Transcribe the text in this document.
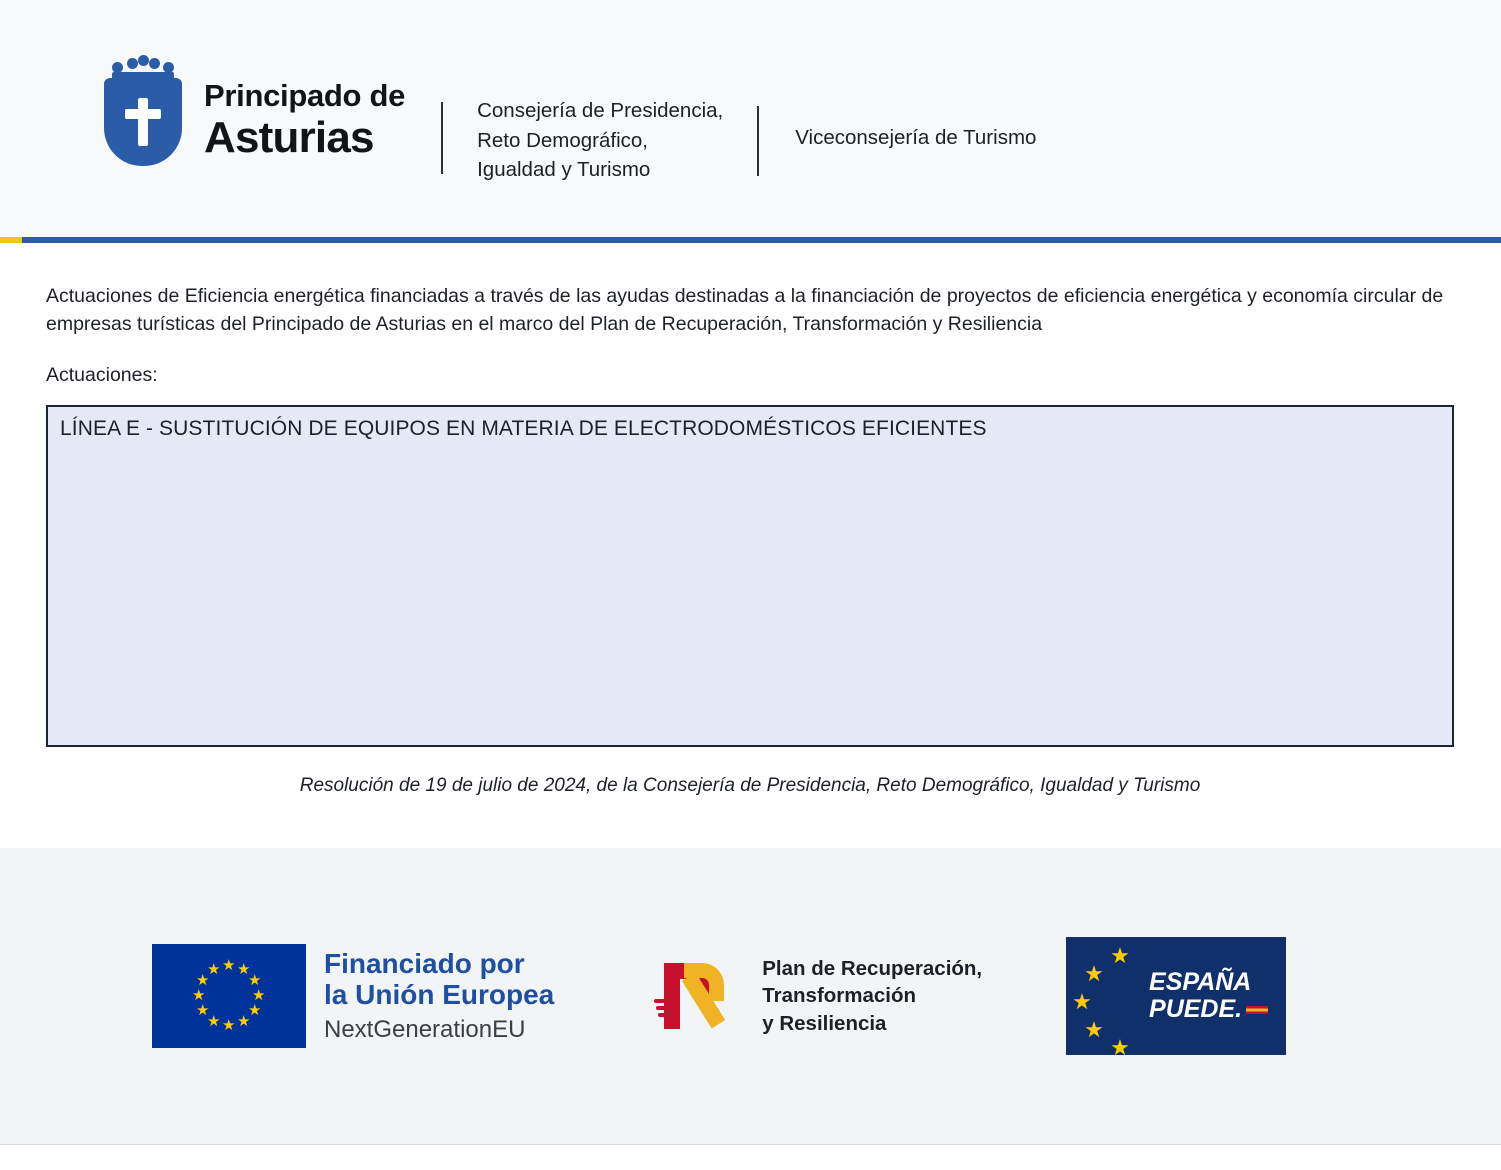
Principado de
Asturias
Consejería de Presidencia,
Reto Demográfico,
Igualdad y Turismo
Viceconsejería de Turismo
Actuaciones de Eficiencia energética financiadas a través de las ayudas destinadas a la financiación de proyectos de eficiencia energética y economía circular de empresas turísticas del Principado de Asturias en el marco del Plan de Recuperación, Transformación y Resiliencia
Actuaciones:
LÍNEA E - SUSTITUCIÓN DE EQUIPOS EN MATERIA DE ELECTRODOMÉSTICOS EFICIENTES
Resolución de 19 de julio de 2024, de la Consejería de Presidencia, Reto Demográfico, Igualdad y Turismo
★ ★
★
★
★
★
★
★
★
★
★
★	Financiado por
la Unión Europea
NextGenerationEU
Plan de Recuperación,
Transformación
y Resiliencia
★
★
★
★
★
ESPAÑA
PUEDE.
